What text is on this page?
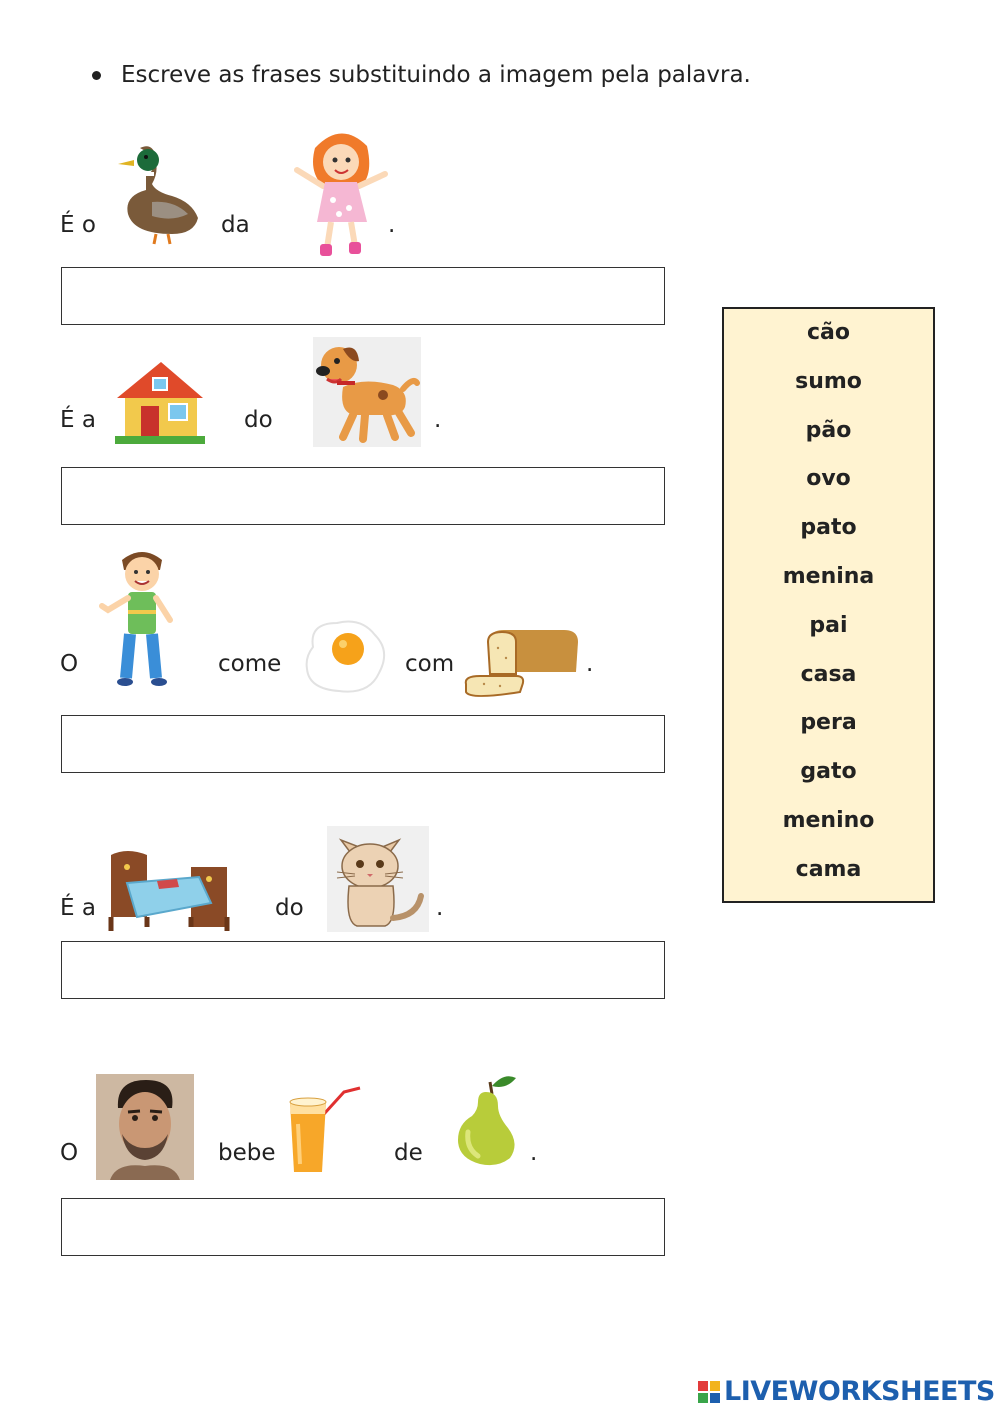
Escreve as frases substituindo a imagem pela palavra.
É o	da	.
É a	do	.
O	come	com	.
É a	do	.
O	bebe	de	.
cão
sumo
pão
ovo
pato
menina
pai
casa
pera
gato
menino
cama
LIVEWORKSHEETS
